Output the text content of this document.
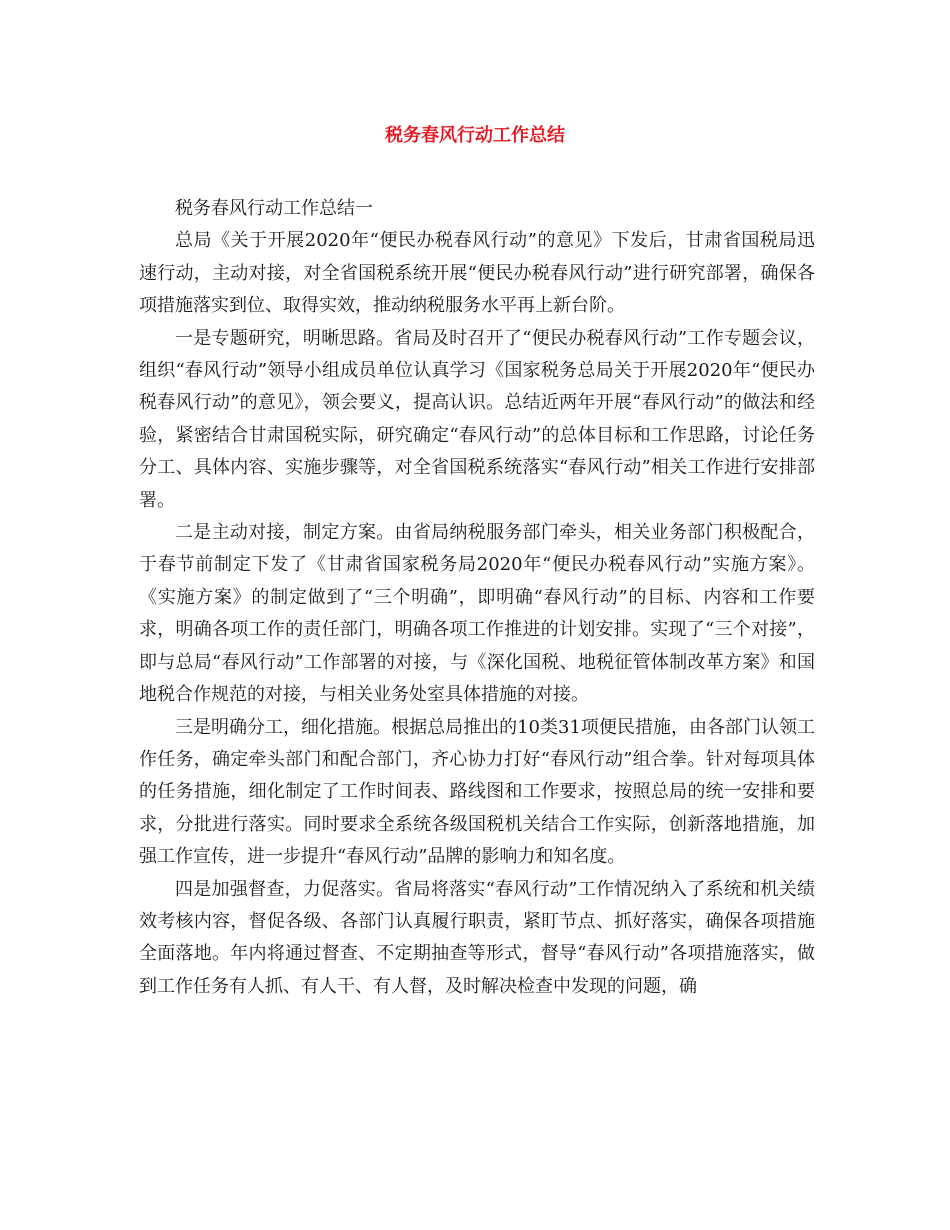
税务春风行动工作总结

税务春风行动工作总结一

总局《关于开展2020年“便民办税春风行动”的意见》下发后，甘肃省国税局迅速行动，主动对接，对全省国税系统开展“便民办税春风行动”进行研究部署，确保各项措施落实到位、取得实效，推动纳税服务水平再上新台阶。

一是专题研究，明晰思路。省局及时召开了“便民办税春风行动”工作专题会议，组织“春风行动”领导小组成员单位认真学习《国家税务总局关于开展2020年“便民办税春风行动”的意见》，领会要义，提高认识。总结近两年开展“春风行动”的做法和经验，紧密结合甘肃国税实际，研究确定“春风行动”的总体目标和工作思路，讨论任务分工、具体内容、实施步骤等，对全省国税系统落实“春风行动”相关工作进行安排部署。

二是主动对接，制定方案。由省局纳税服务部门牵头，相关业务部门积极配合，于春节前制定下发了《甘肃省国家税务局2020年“便民办税春风行动”实施方案》。《实施方案》的制定做到了“三个明确”，即明确“春风行动”的目标、内容和工作要求，明确各项工作的责任部门，明确各项工作推进的计划安排。实现了“三个对接”，即与总局“春风行动”工作部署的对接，与《深化国税、地税征管体制改革方案》和国地税合作规范的对接，与相关业务处室具体措施的对接。

三是明确分工，细化措施。根据总局推出的10类31项便民措施，由各部门认领工作任务，确定牵头部门和配合部门，齐心协力打好“春风行动”组合拳。针对每项具体的任务措施，细化制定了工作时间表、路线图和工作要求，按照总局的统一安排和要求，分批进行落实。同时要求全系统各级国税机关结合工作实际，创新落地措施，加强工作宣传，进一步提升“春风行动”品牌的影响力和知名度。

四是加强督查，力促落实。省局将落实“春风行动”工作情况纳入了系统和机关绩效考核内容，督促各级、各部门认真履行职责，紧盯节点、抓好落实，确保各项措施全面落地。年内将通过督查、不定期抽查等形式，督导“春风行动”各项措施落实，做到工作任务有人抓、有人干、有人督，及时解决检查中发现的问题，确
